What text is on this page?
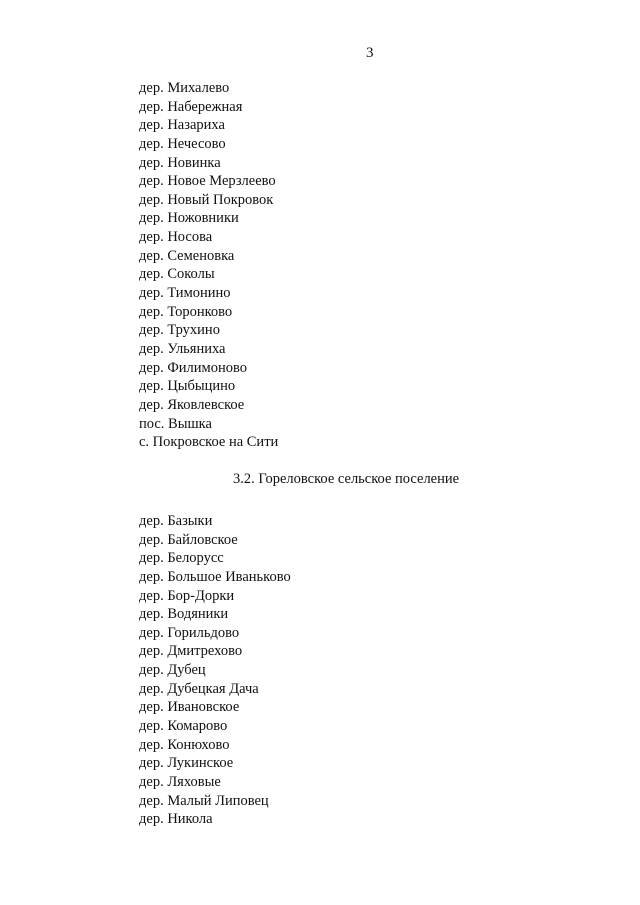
3
дер. Михалево
дер. Набережная
дер. Назариха
дер. Нечесово
дер. Новинка
дер. Новое Мерзлеево
дер. Новый Покровок
дер. Ножовники
дер. Носова
дер. Семеновка
дер. Соколы
дер. Тимонино
дер. Торонково
дер. Трухино
дер. Ульяниха
дер. Филимоново
дер. Цыбыцино
дер. Яковлевское
пос. Вышка
с. Покровское на Сити
3.2. Гореловское сельское поселение
дер. Базыки
дер. Байловское
дер. Белорусс
дер. Большое Иваньково
дер. Бор-Дорки
дер. Водяники
дер. Горильдово
дер. Дмитрехово
дер. Дубец
дер. Дубецкая Дача
дер. Ивановское
дер. Комарово
дер. Конюхово
дер. Лукинское
дер. Ляховые
дер. Малый Липовец
дер. Никола
